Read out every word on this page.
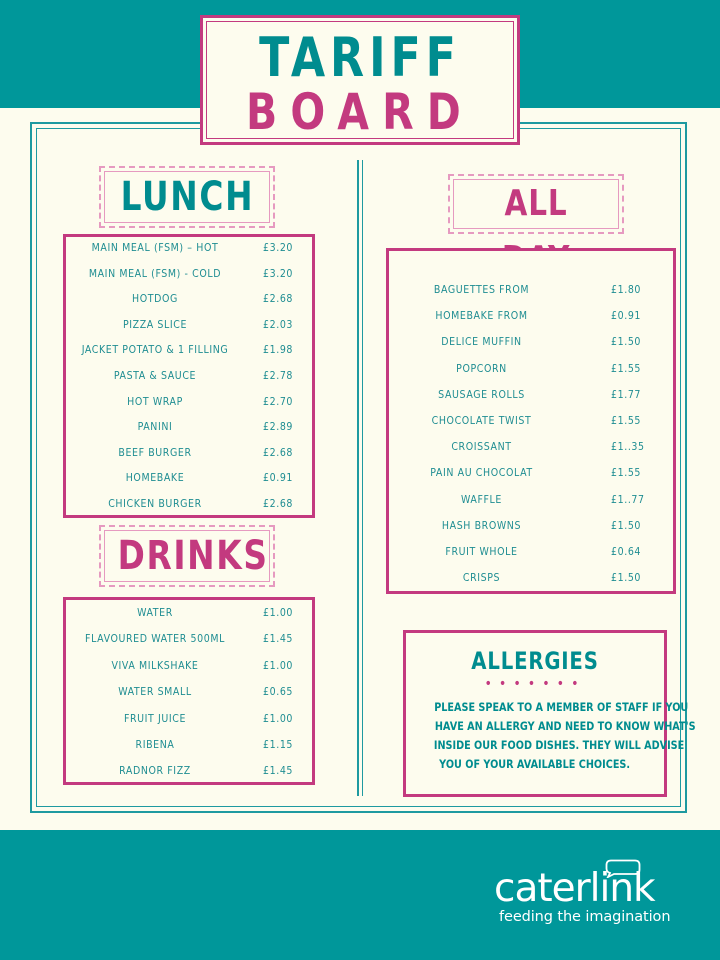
TARIFF
BOARD
LUNCH
MAIN MEAL (FSM) – HOT	£3.20
MAIN MEAL (FSM) - COLD	£3.20
HOTDOG	£2.68
PIZZA SLICE	£2.03
JACKET POTATO & 1 FILLING	£1.98
PASTA & SAUCE	£2.78
HOT WRAP	£2.70
PANINI	£2.89
BEEF BURGER	£2.68
HOMEBAKE	£0.91
CHICKEN BURGER	£2.68
DRINKS
WATER	£1.00
FLAVOURED WATER 500ML	£1.45
VIVA MILKSHAKE	£1.00
WATER SMALL	£0.65
FRUIT JUICE	£1.00
RIBENA	£1.15
RADNOR FIZZ	£1.45
ALL
BAGUETTES FROM	£1.80
HOMEBAKE FROM	£0.91
DELICE MUFFIN	£1.50
POPCORN	£1.55
SAUSAGE ROLLS	£1.77
CHOCOLATE TWIST	£1.55
CROISSANT	£1..35
PAIN AU CHOCOLAT	£1.55
WAFFLE	£1..77
HASH BROWNS	£1.50
FRUIT WHOLE	£0.64
CRISPS	£1.50
ALLERGIES
•••••••
PLEASE SPEAK TO A MEMBER OF STAFF IF YOU
HAVE AN ALLERGY AND NEED TO KNOW WHAT'S
INSIDE OUR FOOD DISHES. THEY WILL ADVISE
YOU OF YOUR AVAILABLE CHOICES.
caterlink
feeding the imagination
